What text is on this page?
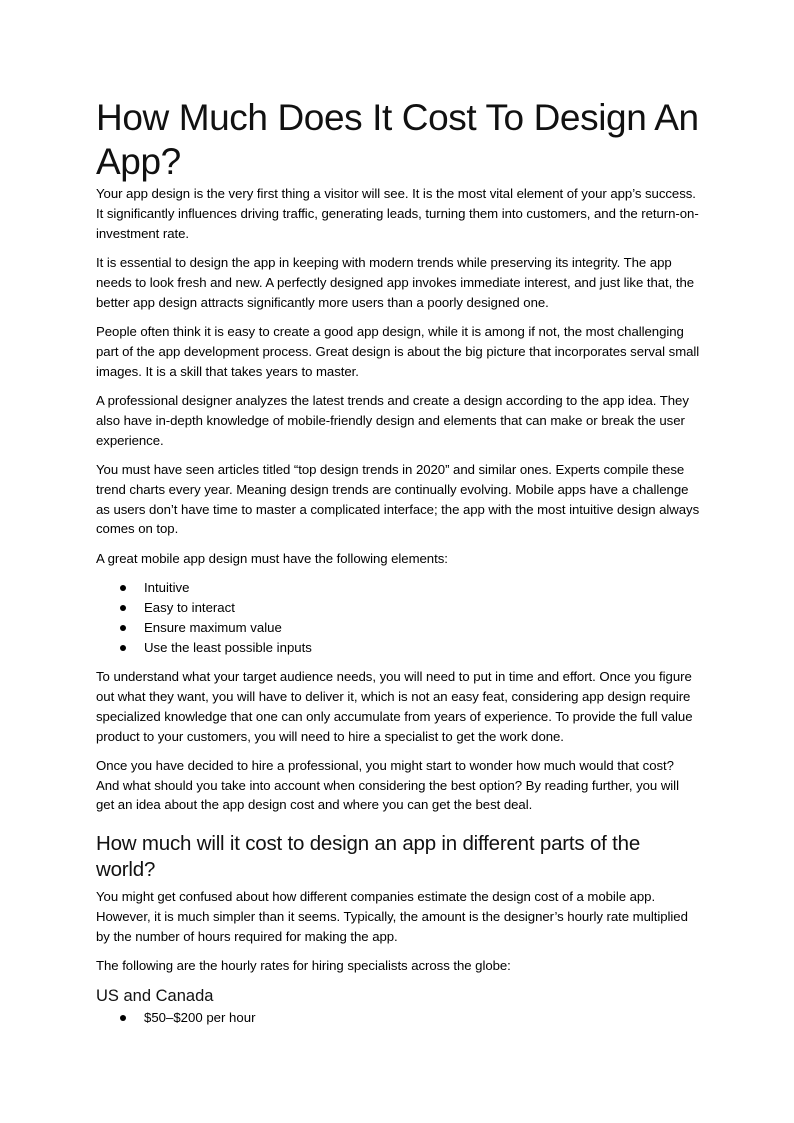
How Much Does It Cost To Design An App?

Your app design is the very first thing a visitor will see. It is the most vital element of your app’s success. It significantly influences driving traffic, generating leads, turning them into customers, and the return-on-investment rate.

It is essential to design the app in keeping with modern trends while preserving its integrity. The app needs to look fresh and new. A perfectly designed app invokes immediate interest, and just like that, the better app design attracts significantly more users than a poorly designed one.

People often think it is easy to create a good app design, while it is among if not, the most challenging part of the app development process. Great design is about the big picture that incorporates serval small images. It is a skill that takes years to master.

A professional designer analyzes the latest trends and create a design according to the app idea. They also have in-depth knowledge of mobile-friendly design and elements that can make or break the user experience.

You must have seen articles titled “top design trends in 2020” and similar ones. Experts compile these trend charts every year. Meaning design trends are continually evolving. Mobile apps have a challenge as users don’t have time to master a complicated interface; the app with the most intuitive design always comes on top.

A great mobile app design must have the following elements:

Intuitive
Easy to interact
Ensure maximum value
Use the least possible inputs

To understand what your target audience needs, you will need to put in time and effort. Once you figure out what they want, you will have to deliver it, which is not an easy feat, considering app design require specialized knowledge that one can only accumulate from years of experience. To provide the full value product to your customers, you will need to hire a specialist to get the work done.

Once you have decided to hire a professional, you might start to wonder how much would that cost? And what should you take into account when considering the best option? By reading further, you will get an idea about the app design cost and where you can get the best deal.

How much will it cost to design an app in different parts of the world?

You might get confused about how different companies estimate the design cost of a mobile app. However, it is much simpler than it seems. Typically, the amount is the designer’s hourly rate multiplied by the number of hours required for making the app.

The following are the hourly rates for hiring specialists across the globe:

US and Canada
$50–$200 per hour
